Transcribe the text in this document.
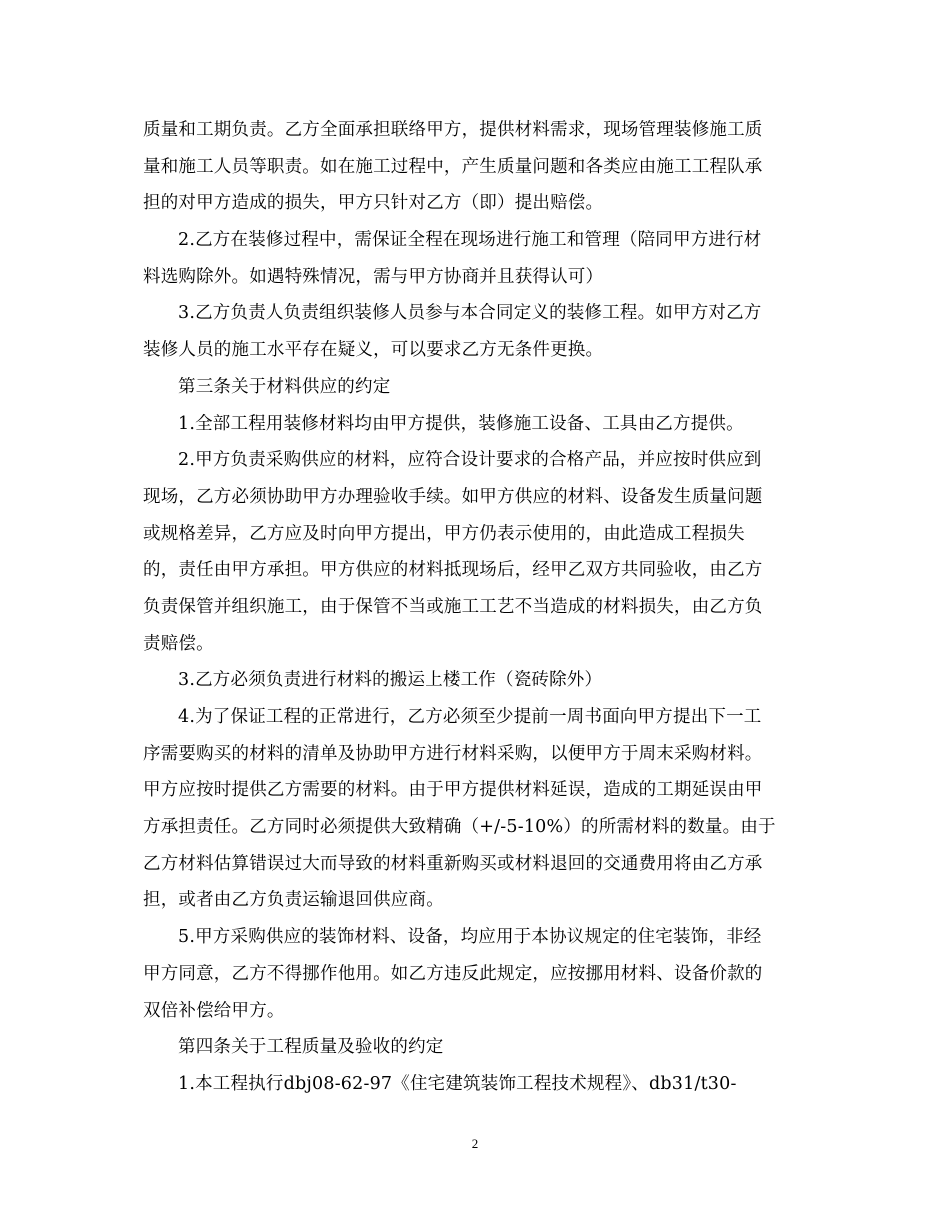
质量和工期负责。乙方全面承担联络甲方，提供材料需求，现场管理装修施工质
量和施工人员等职责。如在施工过程中，产生质量问题和各类应由施工工程队承
担的对甲方造成的损失，甲方只针对乙方（即）提出赔偿。
2.乙方在装修过程中，需保证全程在现场进行施工和管理（陪同甲方进行材
料选购除外。如遇特殊情况，需与甲方协商并且获得认可）
3.乙方负责人负责组织装修人员参与本合同定义的装修工程。如甲方对乙方
装修人员的施工水平存在疑义，可以要求乙方无条件更换。
第三条关于材料供应的约定
1.全部工程用装修材料均由甲方提供，装修施工设备、工具由乙方提供。
2.甲方负责采购供应的材料，应符合设计要求的合格产品，并应按时供应到
现场，乙方必须协助甲方办理验收手续。如甲方供应的材料、设备发生质量问题
或规格差异，乙方应及时向甲方提出，甲方仍表示使用的，由此造成工程损失
的，责任由甲方承担。甲方供应的材料抵现场后，经甲乙双方共同验收，由乙方
负责保管并组织施工，由于保管不当或施工工艺不当造成的材料损失，由乙方负
责赔偿。
3.乙方必须负责进行材料的搬运上楼工作（瓷砖除外）
4.为了保证工程的正常进行，乙方必须至少提前一周书面向甲方提出下一工
序需要购买的材料的清单及协助甲方进行材料采购，以便甲方于周末采购材料。
甲方应按时提供乙方需要的材料。由于甲方提供材料延误，造成的工期延误由甲
方承担责任。乙方同时必须提供大致精确（+/-5-10%）的所需材料的数量。由于
乙方材料估算错误过大而导致的材料重新购买或材料退回的交通费用将由乙方承
担，或者由乙方负责运输退回供应商。
5.甲方采购供应的装饰材料、设备，均应用于本协议规定的住宅装饰，非经
甲方同意，乙方不得挪作他用。如乙方违反此规定，应按挪用材料、设备价款的
双倍补偿给甲方。
第四条关于工程质量及验收的约定
1.本工程执行dbj08-62-97《住宅建筑装饰工程技术规程》、db31/t30-
2
